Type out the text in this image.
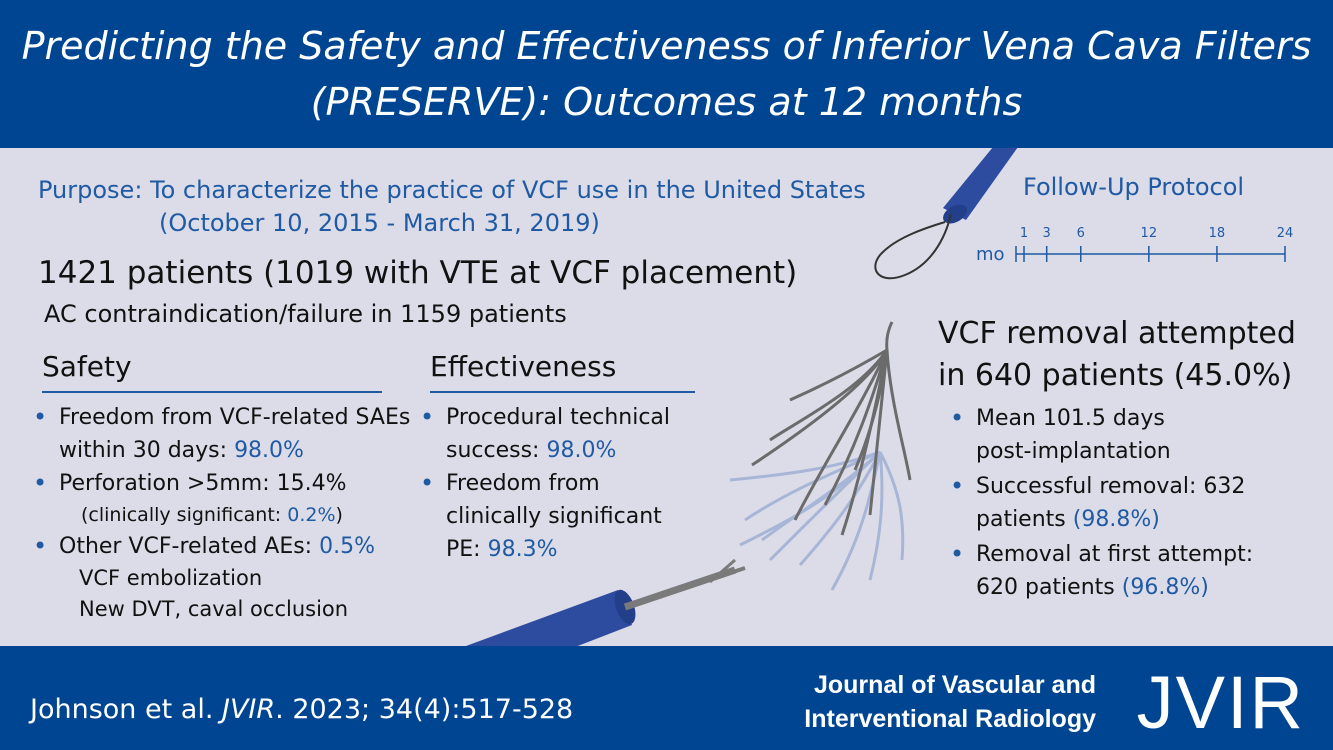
Predicting the Safety and Effectiveness of Inferior Vena Cava Filters
(PRESERVE): Outcomes at 12 months
Purpose: To characterize the practice of VCF use in the United States
(October 10, 2015 - March 31, 2019)
1421 patients (1019 with VTE at VCF placement)
AC contraindication/failure in 1159 patients
Safety
• Freedom from VCF-related SAEs within 30 days: 98.0%
• Perforation >5mm: 15.4%
(clinically significant: 0.2%)
• Other VCF-related AEs: 0.5%
VCF embolization
New DVT, caval occlusion
Effectiveness
• Procedural technical success: 98.0%
• Freedom from clinically significant PE: 98.3%
Follow-Up Protocol
mo
1 3 6	12	18	24
VCF removal attempted
in 640 patients (45.0%)
• Mean 101.5 days
post-implantation
• Successful removal: 632 patients (98.8%)
• Removal at first attempt: 620 patients (96.8%)
Johnson et al. JVIR. 2023; 34(4):517-528
Journal of Vascular and
Interventional Radiology JVIR
